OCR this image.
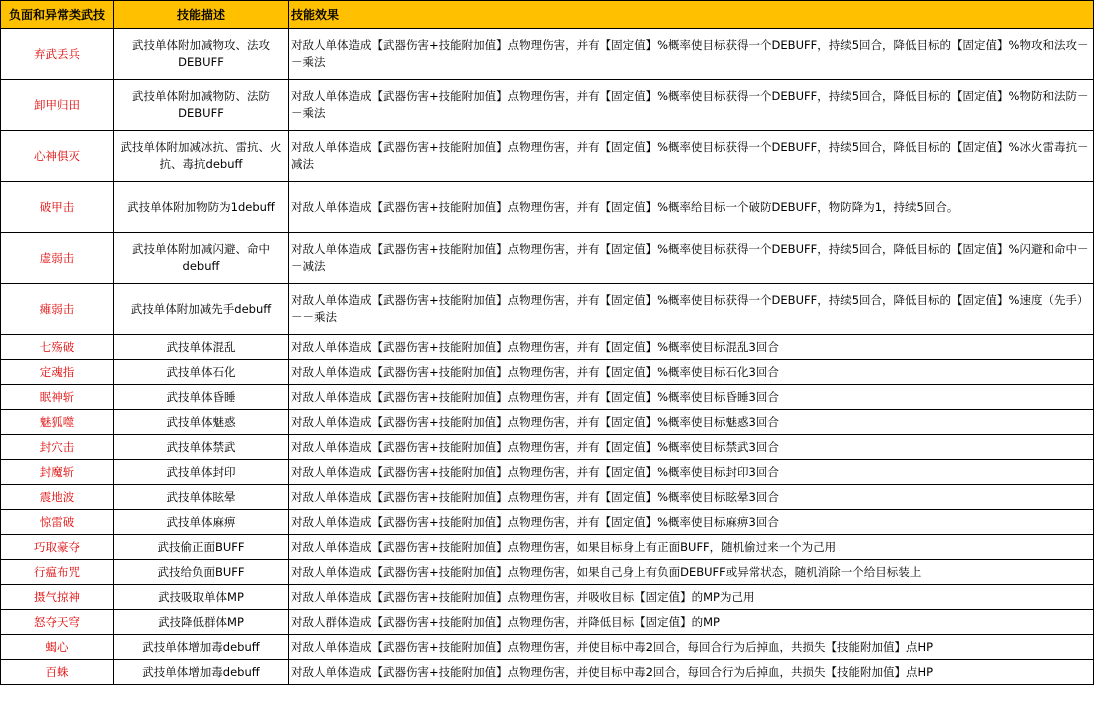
负面和异常类武技	技能描述	技能效果
弃武丢兵	武技单体附加减物攻、法攻DEBUFF	对敌人单体造成【武器伤害+技能附加值】点物理伤害，并有【固定值】%概率使目标获得一个DEBUFF，持续5回合，降低目标的【固定值】%物攻和法攻－－乘法
卸甲归田	武技单体附加减物防、法防DEBUFF	对敌人单体造成【武器伤害+技能附加值】点物理伤害，并有【固定值】%概率使目标获得一个DEBUFF，持续5回合，降低目标的【固定值】%物防和法防－－乘法
心神俱灭	武技单体附加减冰抗、雷抗、火抗、毒抗debuff	对敌人单体造成【武器伤害+技能附加值】点物理伤害，并有【固定值】%概率使目标获得一个DEBUFF，持续5回合，降低目标的【固定值】%冰火雷毒抗－减法
破甲击	武技单体附加物防为1debuff	对敌人单体造成【武器伤害+技能附加值】点物理伤害，并有【固定值】%概率给目标一个破防DEBUFF，物防降为1，持续5回合。
虚弱击	武技单体附加减闪避、命中debuff	对敌人单体造成【武器伤害+技能附加值】点物理伤害，并有【固定值】%概率使目标获得一个DEBUFF，持续5回合，降低目标的【固定值】%闪避和命中－－减法
瘫弱击	武技单体附加减先手debuff	对敌人单体造成【武器伤害+技能附加值】点物理伤害，并有【固定值】%概率使目标获得一个DEBUFF，持续5回合，降低目标的【固定值】%速度（先手）－－乘法
七殇破	武技单体混乱	对敌人单体造成【武器伤害+技能附加值】点物理伤害，并有【固定值】%概率使目标混乱3回合
定魂指	武技单体石化	对敌人单体造成【武器伤害+技能附加值】点物理伤害，并有【固定值】%概率使目标石化3回合
眠神斩	武技单体昏睡	对敌人单体造成【武器伤害+技能附加值】点物理伤害，并有【固定值】%概率使目标昏睡3回合
魅狐噬	武技单体魅惑	对敌人单体造成【武器伤害+技能附加值】点物理伤害，并有【固定值】%概率使目标魅惑3回合
封穴击	武技单体禁武	对敌人单体造成【武器伤害+技能附加值】点物理伤害，并有【固定值】%概率使目标禁武3回合
封魔斩	武技单体封印	对敌人单体造成【武器伤害+技能附加值】点物理伤害，并有【固定值】%概率使目标封印3回合
震地波	武技单体眩晕	对敌人单体造成【武器伤害+技能附加值】点物理伤害，并有【固定值】%概率使目标眩晕3回合
惊雷破	武技单体麻痹	对敌人单体造成【武器伤害+技能附加值】点物理伤害，并有【固定值】%概率使目标麻痹3回合
巧取豪夺	武技偷正面BUFF	对敌人单体造成【武器伤害+技能附加值】点物理伤害，如果目标身上有正面BUFF，随机偷过来一个为己用
行瘟布咒	武技给负面BUFF	对敌人单体造成【武器伤害+技能附加值】点物理伤害，如果自己身上有负面DEBUFF或异常状态，随机消除一个给目标装上
摄气掠神	武技吸取单体MP	对敌人单体造成【武器伤害+技能附加值】点物理伤害，并吸收目标【固定值】的MP为己用
怒夺天穹	武技降低群体MP	对敌人群体造成【武器伤害+技能附加值】点物理伤害，并降低目标【固定值】的MP
蝎心	武技单体增加毒debuff	对敌人单体造成【武器伤害+技能附加值】点物理伤害，并使目标中毒2回合，每回合行为后掉血，共损失【技能附加值】点HP
百蛛	武技单体增加毒debuff	对敌人单体造成【武器伤害+技能附加值】点物理伤害，并使目标中毒2回合，每回合行为后掉血，共损失【技能附加值】点HP
